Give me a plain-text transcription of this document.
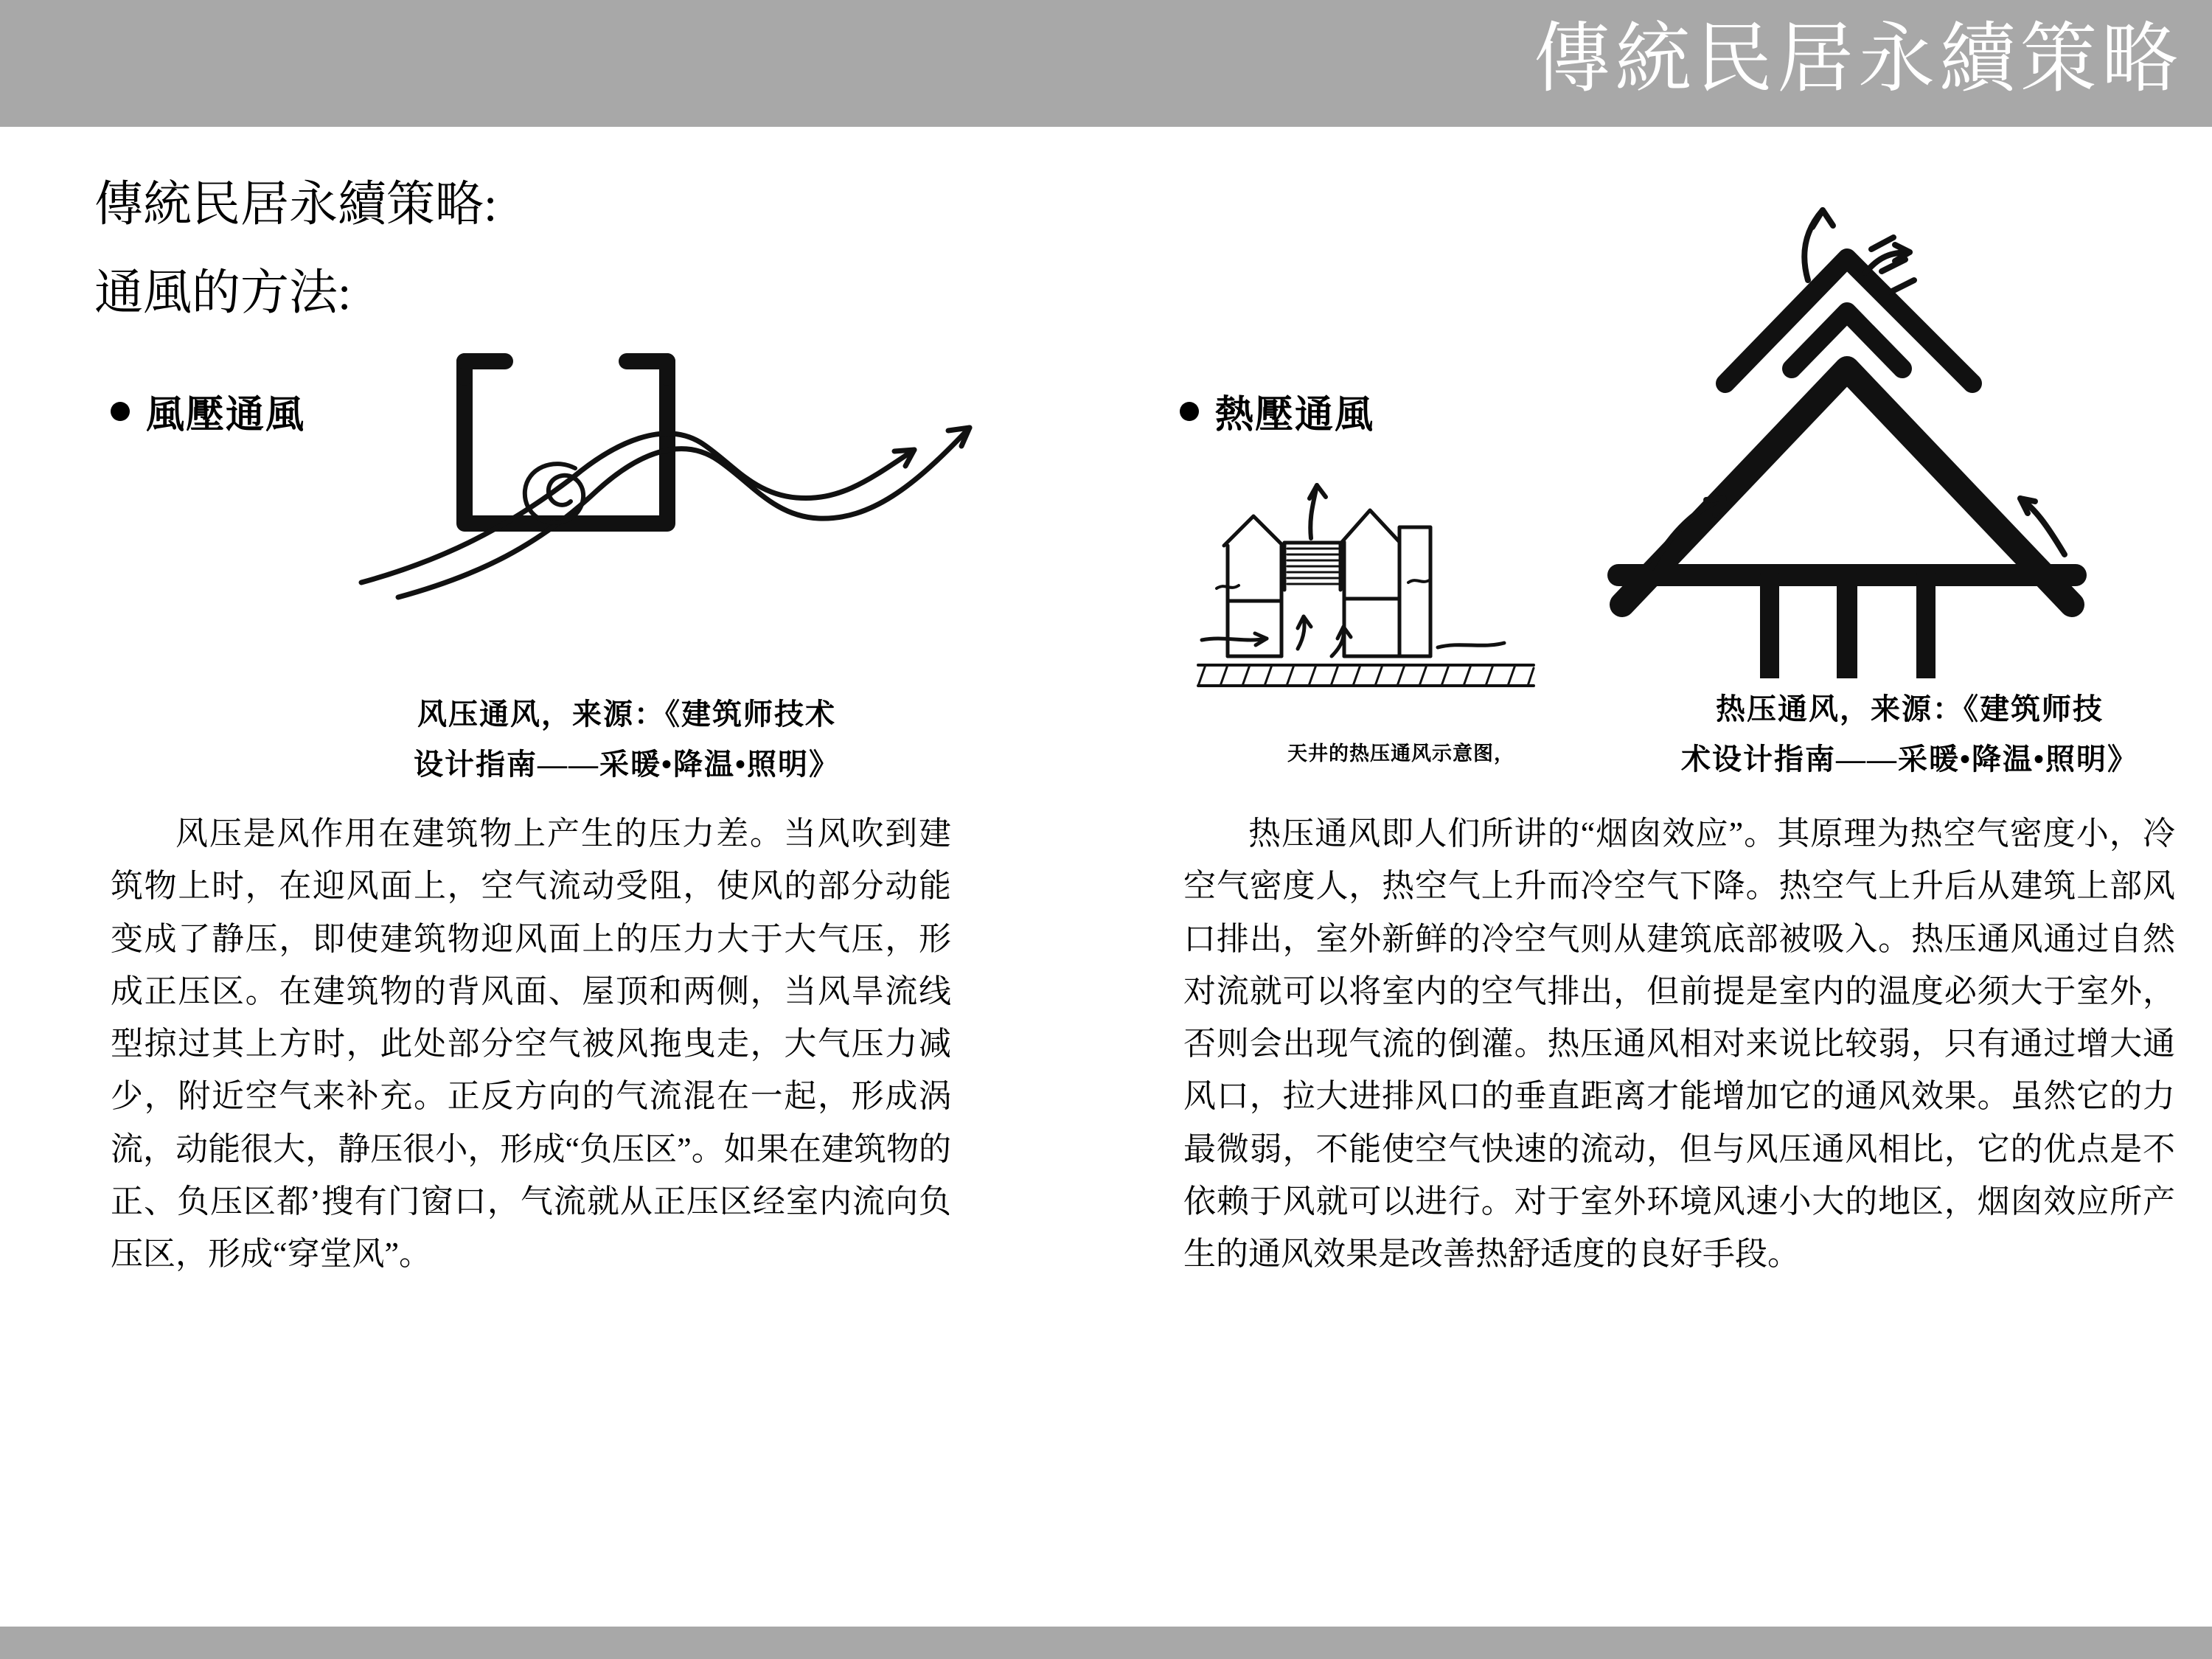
傳統民居永續策略
傳統民居永續策略:
通風的方法:
風壓通風
风压通风，来源：《建筑师技术
设计指南——采暖•降温•照明》
风压是风作用在建筑物上产生的压力差。当风吹到建筑物上时，在迎风面上，空气流动受阻，使风的部分动能变成了静压，即使建筑物迎风面上的压力大于大气压，形成正压区。在建筑物的背风面、屋顶和两侧，当风旱流线型掠过其上方时，此处部分空气被风拖曳走，大气压力减少，附近空气来补充。正反方向的气流混在一起，形成涡流，动能很大，静压很小，形成“负压区”。如果在建筑物的正、负压区都’搜有门窗口，气流就从正压区经室内流向负压区，形成“穿堂风”。
熱壓通風
天井的热压通风示意图，
热压通风，来源：《建筑师技
术设计指南——采暖•降温•照明》
热压通风即人们所讲的“烟囱效应”。其原理为热空气密度小，冷空气密度人，热空气上升而冷空气下降。热空气上升后从建筑上部风口排出，室外新鲜的冷空气则从建筑底部被吸入。热压通风通过自然对流就可以将室内的空气排出，但前提是室内的温度必须大于室外，否则会出现气流的倒灌。热压通风相对来说比较弱，只有通过增大通风口，拉大进排风口的垂直距离才能增加它的通风效果。虽然它的力最微弱，不能使空气快速的流动，但与风压通风相比，它的优点是不依赖于风就可以进行。对于室外环境风速小大的地区，烟囱效应所产生的通风效果是改善热舒适度的良好手段。
